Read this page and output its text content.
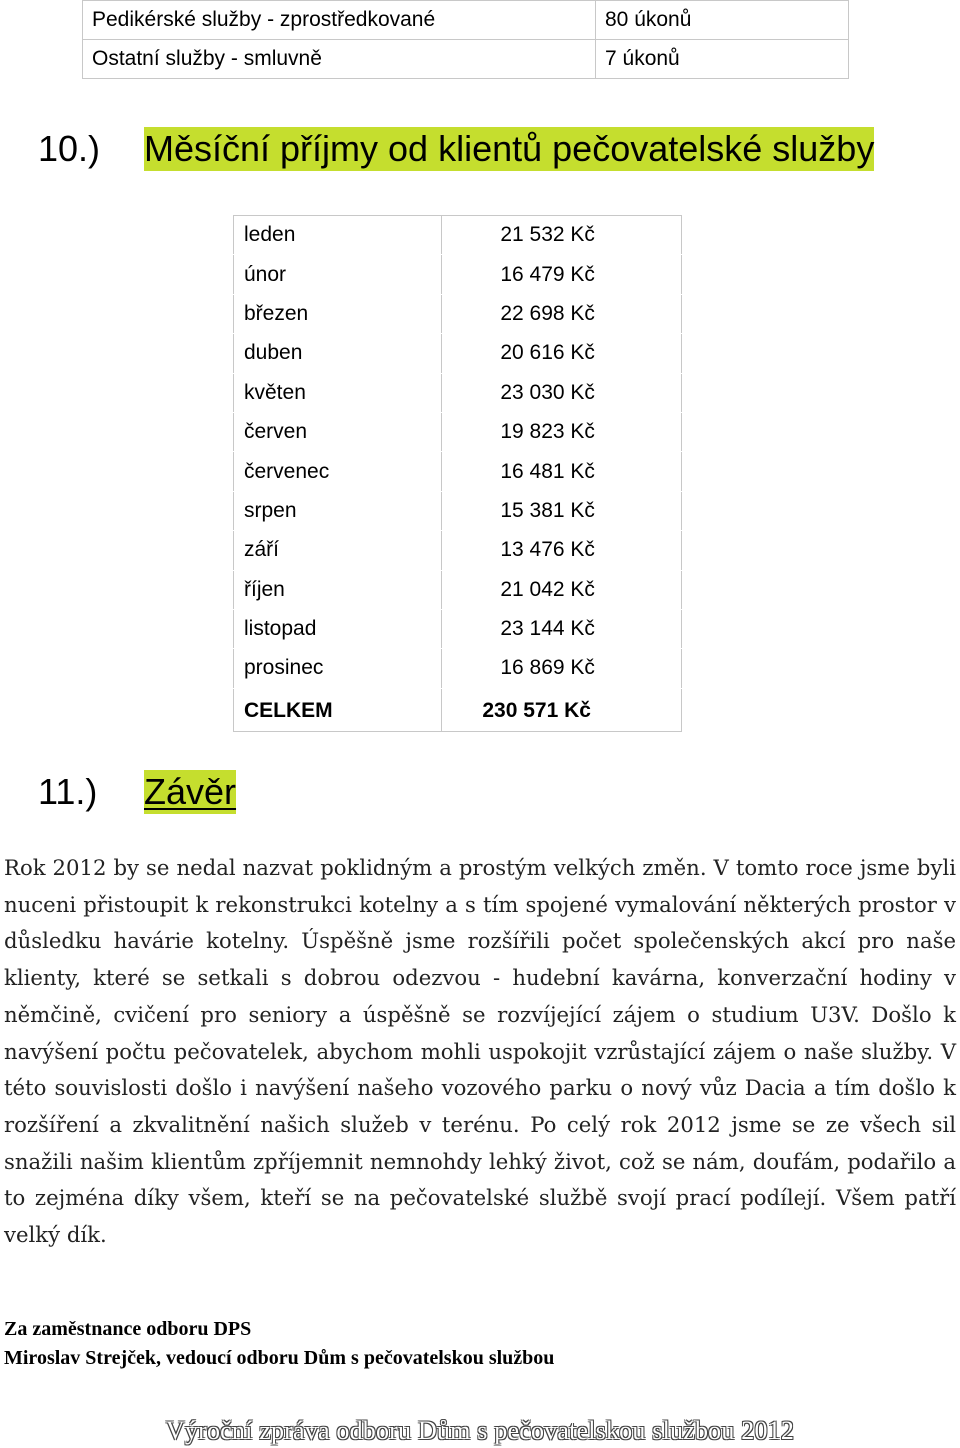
Pedikérské služby - zprostředkované	80 úkonů
Ostatní služby - smluvně	7 úkonů
10.) Měsíční příjmy od klientů pečovatelské služby
leden	21 532 Kč
únor	16 479 Kč
březen	22 698 Kč
duben	20 616 Kč
květen	23 030 Kč
červen	19 823 Kč
červenec	16 481 Kč
srpen	15 381 Kč
září	13 476 Kč
říjen	21 042 Kč
listopad	23 144 Kč
prosinec	16 869 Kč
CELKEM	230 571 Kč
11.) Závěr

Rok 2012 by se nedal nazvat poklidným a prostým velkých změn. V tomto roce jsme byli nuceni přistoupit k rekonstrukci kotelny a s tím spojené vymalování některých prostor v důsledku havárie kotelny. Úspěšně jsme rozšířili počet společenských akcí pro naše klienty, které se setkali s dobrou odezvou - hudební kavárna, konverzační hodiny v němčině, cvičení pro seniory a úspěšně se rozvíjející zájem o studium U3V. Došlo k navýšení počtu pečovatelek, abychom mohli uspokojit vzrůstající zájem o naše služby. V této souvislosti došlo i navýšení našeho vozového parku o nový vůz Dacia a tím došlo k rozšíření a zkvalitnění našich služeb v terénu. Po celý rok 2012 jsme se ze všech sil snažili našim klientům zpříjemnit nemnohdy lehký život, což se nám, doufám, podařilo a to zejména díky všem, kteří se na pečovatelské službě svojí prací podílejí. Všem patří velký dík.

Za zaměstnance odboru DPS
Miroslav Strejček, vedoucí odboru Dům s pečovatelskou službou
Výroční zpráva odboru Dům s pečovatelskou službou 2012
